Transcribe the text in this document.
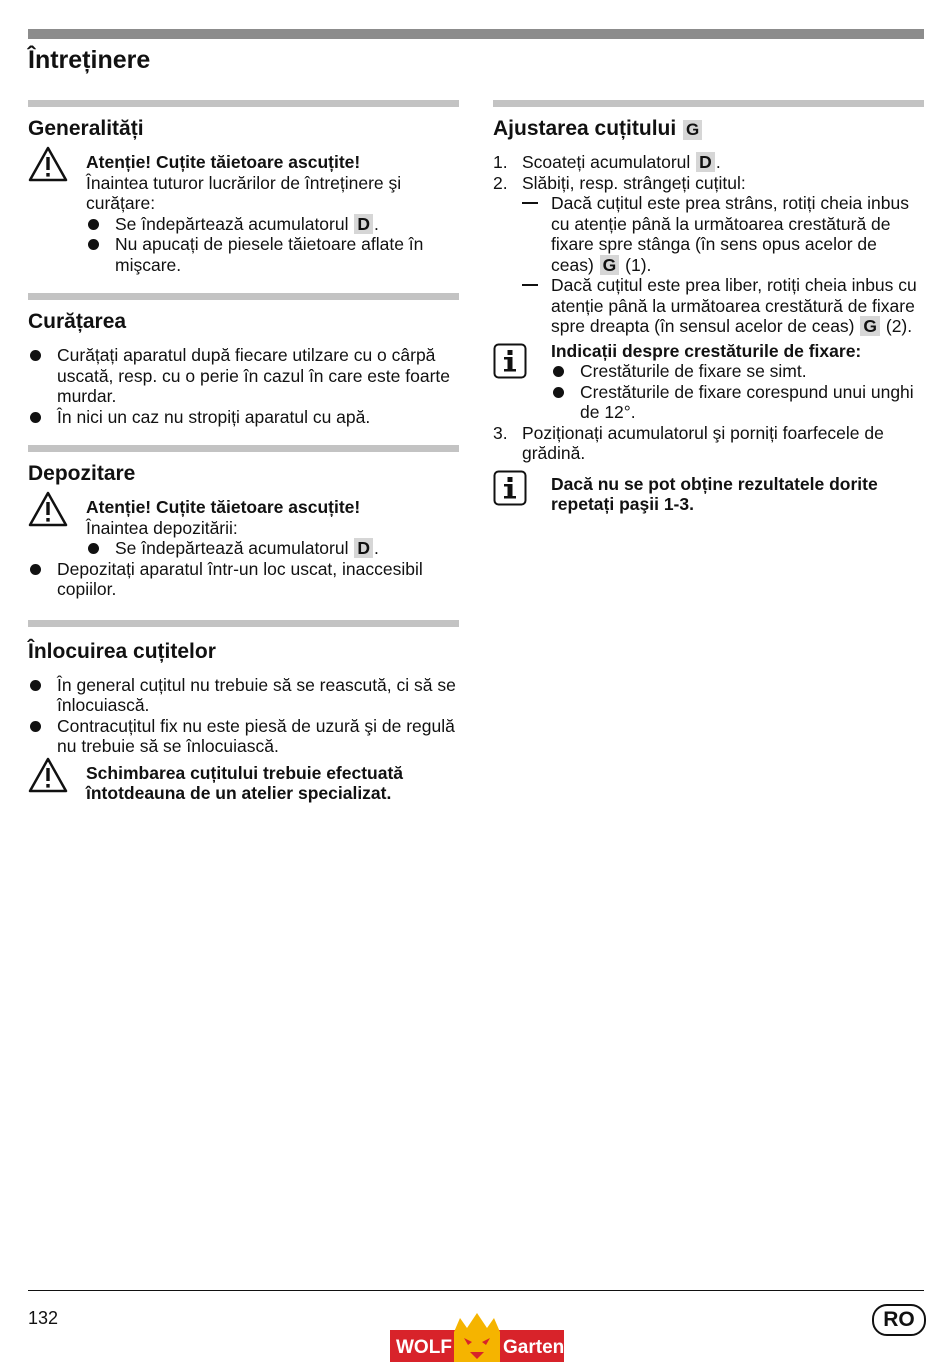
Întreținere
Generalități
Atenție! Cuțite tăietoare ascuțite!
Înaintea tuturor lucrărilor de întreținere şi curățare:
Se îndepărtează acumulatorul D .
Nu apucați de piesele tăietoare aflate în mişcare.
Curățarea
Curățați aparatul după fiecare utilzare cu o cârpă uscată, resp. cu o perie în cazul în care este foarte murdar.
În nici un caz nu stropiți aparatul cu apă.
Depozitare
Atenție! Cuțite tăietoare ascuțite!
Înaintea depozitării:
Se îndepărtează acumulatorul D .
Depozitați aparatul într-un loc uscat, inaccesibil copiilor.
Înlocuirea cuțitelor
În general cuțitul nu trebuie să se reascută, ci să se înlocuiască.
Contracuțitul fix nu este piesă de uzură şi de regulă nu trebuie să se înlocuiască.
Schimbarea cuțitului trebuie efectuată întotdeauna de un atelier specializat.
Ajustarea cuțitului G
1. Scoateți acumulatorul D .
2. Slăbiți, resp. strângeți cuțitul:
Dacă cuțitul este prea strâns, rotiți cheia inbus cu atenție până la următoarea crestătură de fixare spre stânga (în sens opus acelor de ceas) G (1).
Dacă cuțitul este prea liber, rotiți cheia inbus cu atenție până la următoarea crestătură de fixare spre dreapta (în sensul acelor de ceas) G (2).
Indicații despre crestăturile de fixare:
Crestăturile de fixare se simt.
Crestăturile de fixare corespund unui unghi de 12°.
3. Poziționați acumulatorul şi porniți foarfecele de grădină.
Dacă nu se pot obține rezultatele dorite repetați paşii 1-3.
132
WOLF	Garten
RO
